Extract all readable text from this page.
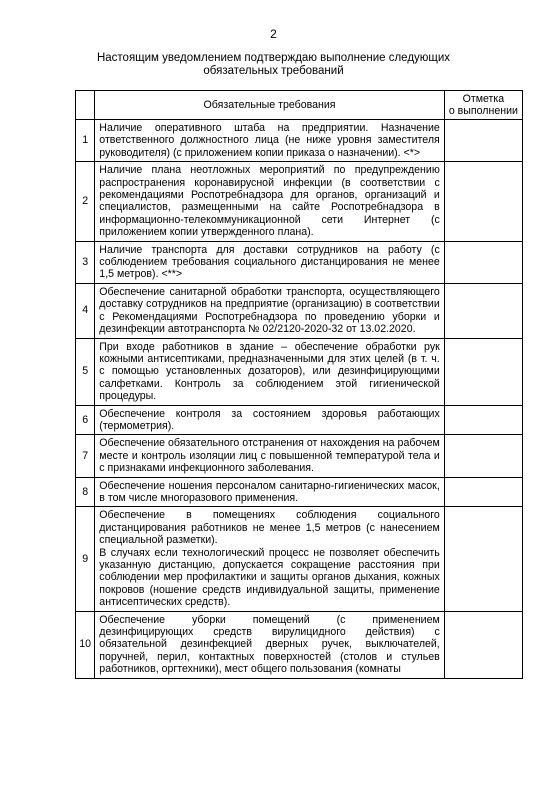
2
Настоящим уведомлением подтверждаю выполнение следующих
обязательных требований
	Обязательные требования	Отметка
о выполнении

1	Наличие оперативного штаба на предприятии. Назначение ответственного должностного лица (не ниже уровня заместителя руководителя) (с приложением копии приказа о назначении). <*>	
2	Наличие плана неотложных мероприятий по предупреждению распространения коронавирусной инфекции (в соответствии с рекомендациями Роспотребнадзора для органов, организаций и специалистов, размещенными на сайте Роспотребнадзора в информационно-телекоммуникационной сети Интернет (с приложением копии утвержденного плана).	
3	Наличие транспорта для доставки сотрудников на работу (с соблюдением требования социального дистанцирования не менее 1,5 метров). <**>	
4	Обеспечение санитарной обработки транспорта, осуществляющего доставку сотрудников на предприятие (организацию) в соответствии с Рекомендациями Роспотребнадзора по проведению уборки и дезинфекции автотранспорта № 02/2120-2020-32 от 13.02.2020.	
5	При входе работников в здание – обеспечение обработки рук кожными антисептиками, предназначенными для этих целей (в т. ч. с помощью установленных дозаторов), или дезинфицирующими салфетками. Контроль за соблюдением этой гигиенической процедуры.	
6	Обеспечение контроля за состоянием здоровья работающих (термометрия).	
7	Обеспечение обязательного отстранения от нахождения на рабочем месте и контроль изоляции лиц с повышенной температурой тела и с признаками инфекционного заболевания.	
8	Обеспечение ношения персоналом санитарно-гигиенических масок, в том числе многоразового применения.	
9	Обеспечение в помещениях соблюдения социального дистанцирования работников не менее 1,5 метров (с нанесением специальной разметки).
В случаях если технологический процесс не позволяет обеспечить указанную дистанцию, допускается сокращение расстояния при соблюдении мер профилактики и защиты органов дыхания, кожных покровов (ношение средств индивидуальной защиты, применение антисептических средств).	

10	Обеспечение уборки помещений (с применением дезинфицирующих средств вирулицидного действия) с обязательной дезинфекцией дверных ручек, выключателей, поручней, перил, контактных поверхностей (столов и стульев работников, оргтехники), мест общего пользования (комнаты	
